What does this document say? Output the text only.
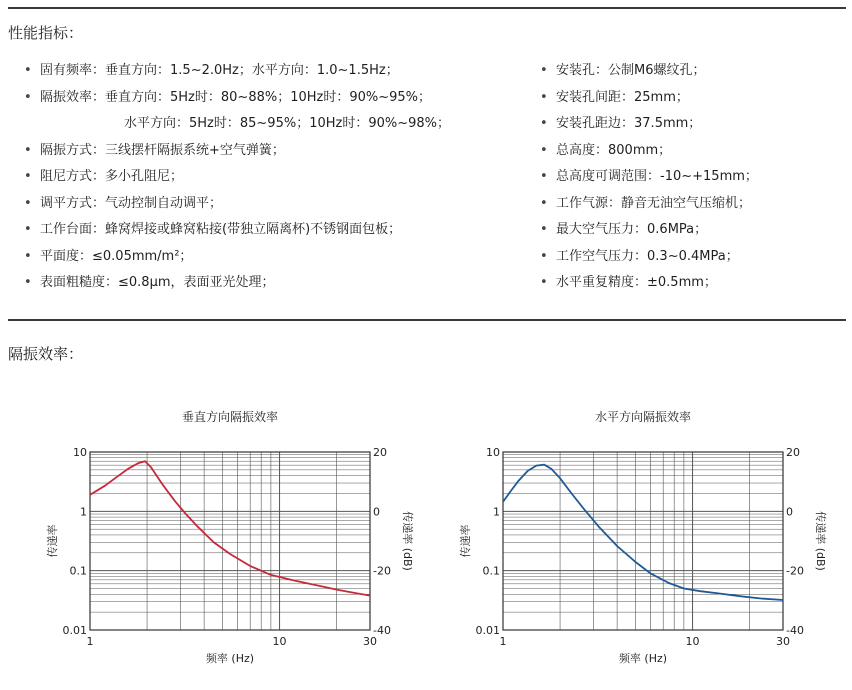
性能指标：
• 固有频率：垂直方向：1.5~2.0Hz；水平方向：1.0~1.5Hz；
• 隔振效率：垂直方向：5Hz时：80~88%；10Hz时：90%~95%；
水平方向：5Hz时：85~95%；10Hz时：90%~98%；
• 隔振方式：三线摆杆隔振系统+空气弹簧；
• 阻尼方式：多小孔阻尼；
• 调平方式：气动控制自动调平；
• 工作台面：蜂窝焊接或蜂窝粘接(带独立隔离杯)不锈钢面包板；
• 平面度：≤0.05mm/m²；
• 表面粗糙度：≤0.8μm，表面亚光处理；
• 安装孔：公制M6螺纹孔；
• 安装孔间距：25mm；
• 安装孔距边：37.5mm；
• 总高度：800mm；
• 总高度可调范围：-10~+15mm；
• 工作气源：静音无油空气压缩机；
• 最大空气压力：0.6MPa；
• 工作空气压力：0.3~0.4MPa；
• 水平重复精度：±0.5mm；
隔振效率：
垂直方向隔振效率	水平方向隔振效率
10
1
0.1
0.01
20
0
-20
-40
1	10	30
频率 (Hz)
传递率	传递率 (dB)
10
1
0.1
0.01
20
0
-20
-40
1	10	30
频率 (Hz)
传递率	传递率 (dB)
